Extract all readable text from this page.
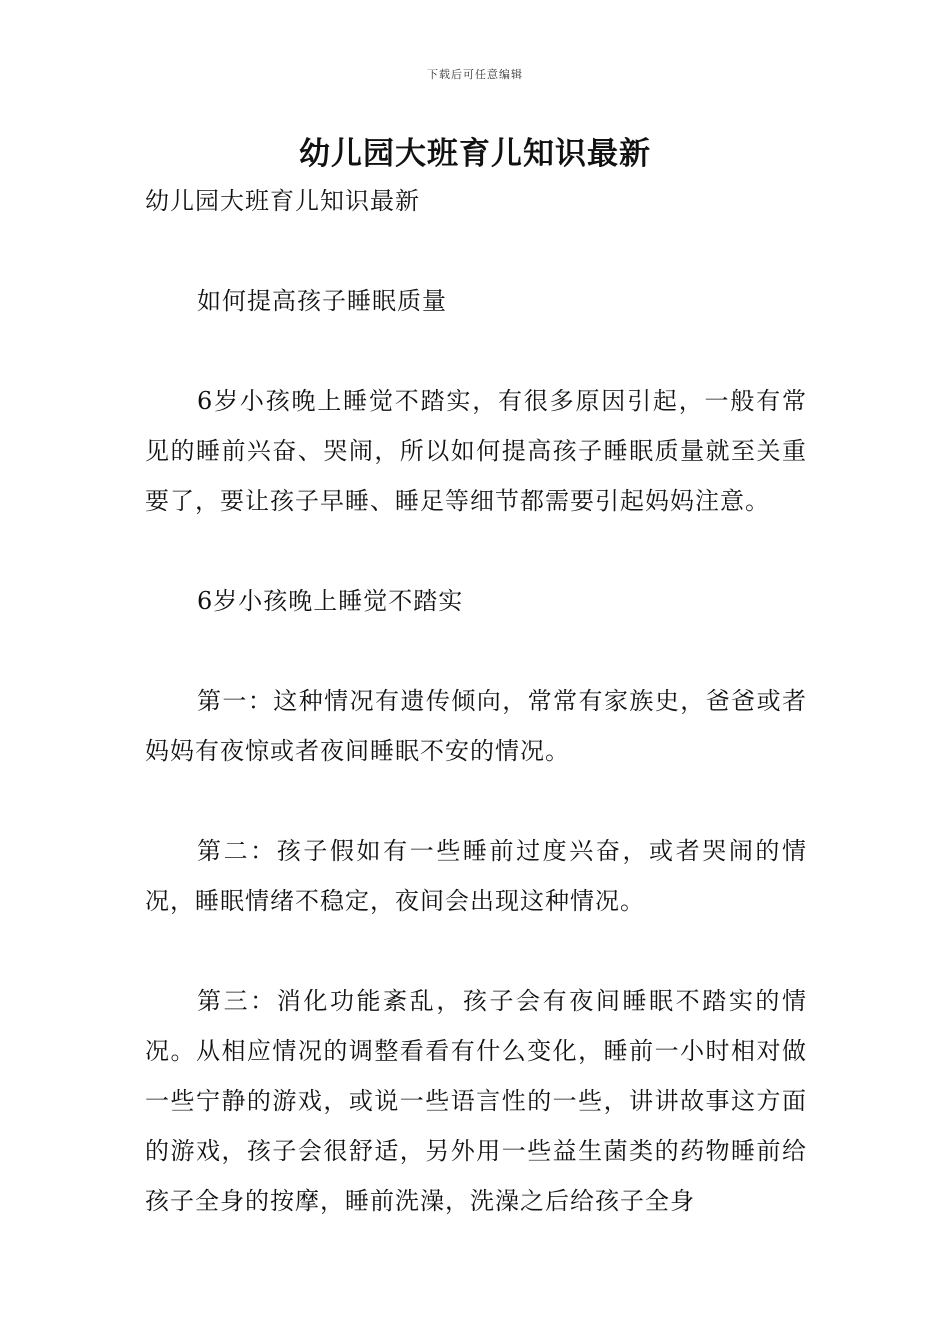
下载后可任意编辑
幼儿园大班育儿知识最新

幼儿园大班育儿知识最新

如何提高孩子睡眠质量

6岁小孩晚上睡觉不踏实，有很多原因引起，一般有常见的睡前兴奋、哭闹，所以如何提高孩子睡眠质量就至关重要了，要让孩子早睡、睡足等细节都需要引起妈妈注意。

6岁小孩晚上睡觉不踏实

第一：这种情况有遗传倾向，常常有家族史，爸爸或者妈妈有夜惊或者夜间睡眠不安的情况。

第二：孩子假如有一些睡前过度兴奋，或者哭闹的情况，睡眠情绪不稳定，夜间会出现这种情况。

第三：消化功能紊乱，孩子会有夜间睡眠不踏实的情况。从相应情况的调整看看有什么变化，睡前一小时相对做一些宁静的游戏，或说一些语言性的一些，讲讲故事这方面的游戏，孩子会很舒适，另外用一些益生菌类的药物睡前给孩子全身的按摩，睡前洗澡，洗澡之后给孩子全身
